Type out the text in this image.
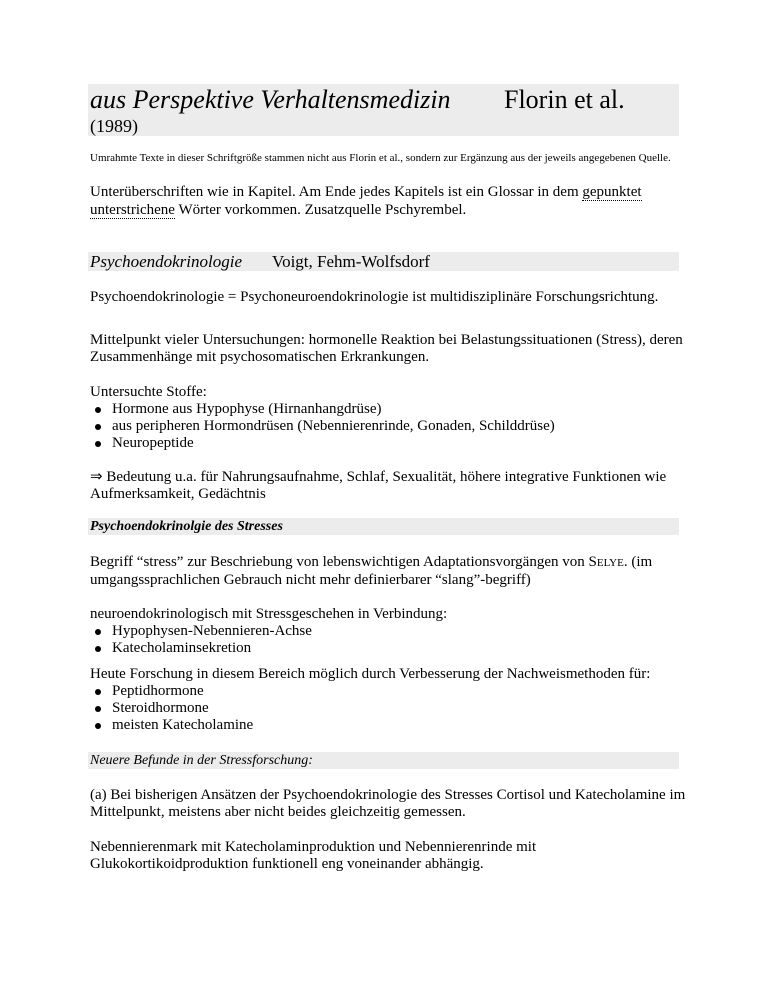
aus Perspektive Verhaltensmedizin Florin et al.
(1989)
Umrahmte Texte in dieser Schriftgröße stammen nicht aus Florin et al., sondern zur Ergänzung aus der jeweils angegebenen Quelle.
Unterüberschriften wie in Kapitel. Am Ende jedes Kapitels ist ein Glossar in dem gepunktet unterstrichene Wörter vorkommen. Zusatzquelle Pschyrembel.
Psychoendokrinologie Voigt, Fehm-Wolfsdorf

Psychoendokrinologie = Psychoneuroendokrinologie ist multidisziplinäre Forschungsrichtung.

Mittelpunkt vieler Untersuchungen: hormonelle Reaktion bei Belastungssituationen (Stress), deren Zusammenhänge mit psychosomatischen Erkrankungen.

Untersuchte Stoffe:

Hormone aus Hypophyse (Hirnanhangdrüse)
aus peripheren Hormondrüsen (Nebennierenrinde, Gonaden, Schilddrüse)
Neuropeptide

⇒ Bedeutung u.a. für Nahrungsaufnahme, Schlaf, Sexualität, höhere integrative Funktionen wie Aufmerksamkeit, Gedächtnis

Psychoendokrinolgie des Stresses

Begriff “stress” zur Beschriebung von lebenswichtigen Adaptationsvorgängen von SELYE. (im umgangssprachlichen Gebrauch nicht mehr definierbarer “slang”-begriff)

neuroendokrinologisch mit Stressgeschehen in Verbindung:

Hypophysen-Nebennieren-Achse
Katecholaminsekretion

Heute Forschung in diesem Bereich möglich durch Verbesserung der Nachweismethoden für:

Peptidhormone
Steroidhormone
meisten Katecholamine
Neuere Befunde in der Stressforschung:

(a) Bei bisherigen Ansätzen der Psychoendokrinologie des Stresses Cortisol und Katecholamine im Mittelpunkt, meistens aber nicht beides gleichzeitig gemessen.

Nebennierenmark mit Katecholaminproduktion und Nebennierenrinde mit Glukokortikoidproduktion funktionell eng voneinander abhängig.
